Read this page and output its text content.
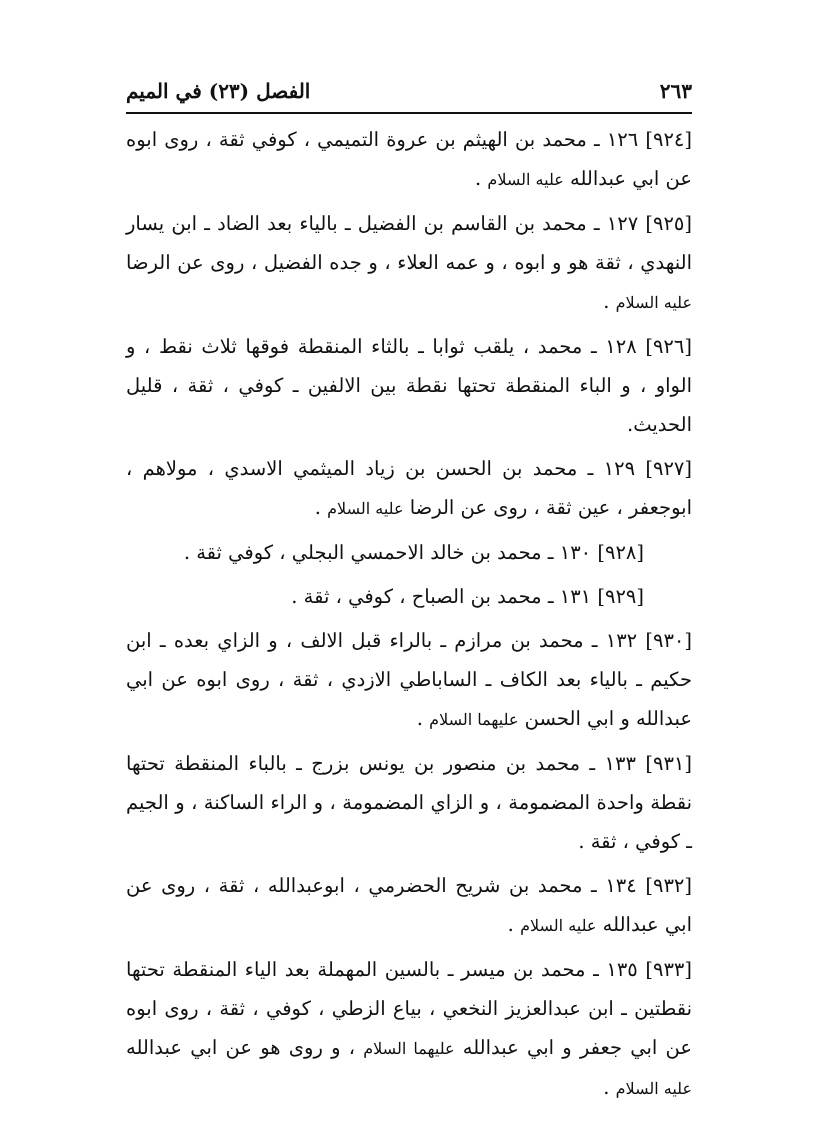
الفصل (٢٣) في الميم	٢٦٣

[٩٢٤] ١٢٦ ـ محمد بن الهيثم بن عروة التميمي ، كوفي ثقة ، روى ابوه عن ابي عبدالله عليه السلام .

[٩٢٥] ١٢٧ ـ محمد بن القاسم بن الفضيل ـ بالياء بعد الضاد ـ ابن يسار النهدي ، ثقة هو و ابوه ، و عمه العلاء ، و جده الفضيل ، روى عن الرضا عليه السلام .

[٩٢٦] ١٢٨ ـ محمد ، يلقب ثوابا ـ بالثاء المنقطة فوقها ثلاث نقط ، و الواو ، و الباء المنقطة تحتها نقطة بين الالفين ـ كوفي ، ثقة ، قليل الحديث.

[٩٢٧] ١٢٩ ـ محمد بن الحسن بن زياد الميثمي الاسدي ، مولاهم ، ابوجعفر ، عين ثقة ، روى عن الرضا عليه السلام .

[٩٢٨] ١٣٠ ـ محمد بن خالد الاحمسي البجلي ، كوفي ثقة .

[٩٢٩] ١٣١ ـ محمد بن الصباح ، كوفي ، ثقة .

[٩٣٠] ١٣٢ ـ محمد بن مرازم ـ بالراء قبل الالف ، و الزاي بعده ـ ابن حكيم ـ بالياء بعد الكاف ـ الساباطي الازدي ، ثقة ، روى ابوه عن ابي عبدالله و ابي الحسن عليهما السلام .

[٩٣١] ١٣٣ ـ محمد بن منصور بن يونس بزرج ـ بالباء المنقطة تحتها نقطة واحدة المضمومة ، و الزاي المضمومة ، و الراء الساكنة ، و الجيم ـ كوفي ، ثقة .

[٩٣٢] ١٣٤ ـ محمد بن شريح الحضرمي ، ابوعبدالله ، ثقة ، روى عن ابي عبدالله عليه السلام .

[٩٣٣] ١٣٥ ـ محمد بن ميسر ـ بالسين المهملة بعد الياء المنقطة تحتها نقطتين ـ ابن عبدالعزيز النخعي ، بياع الزطي ، كوفي ، ثقة ، روى ابوه عن ابي جعفر و ابي عبدالله عليهما السلام ، و روى هو عن ابي عبدالله عليه السلام .
